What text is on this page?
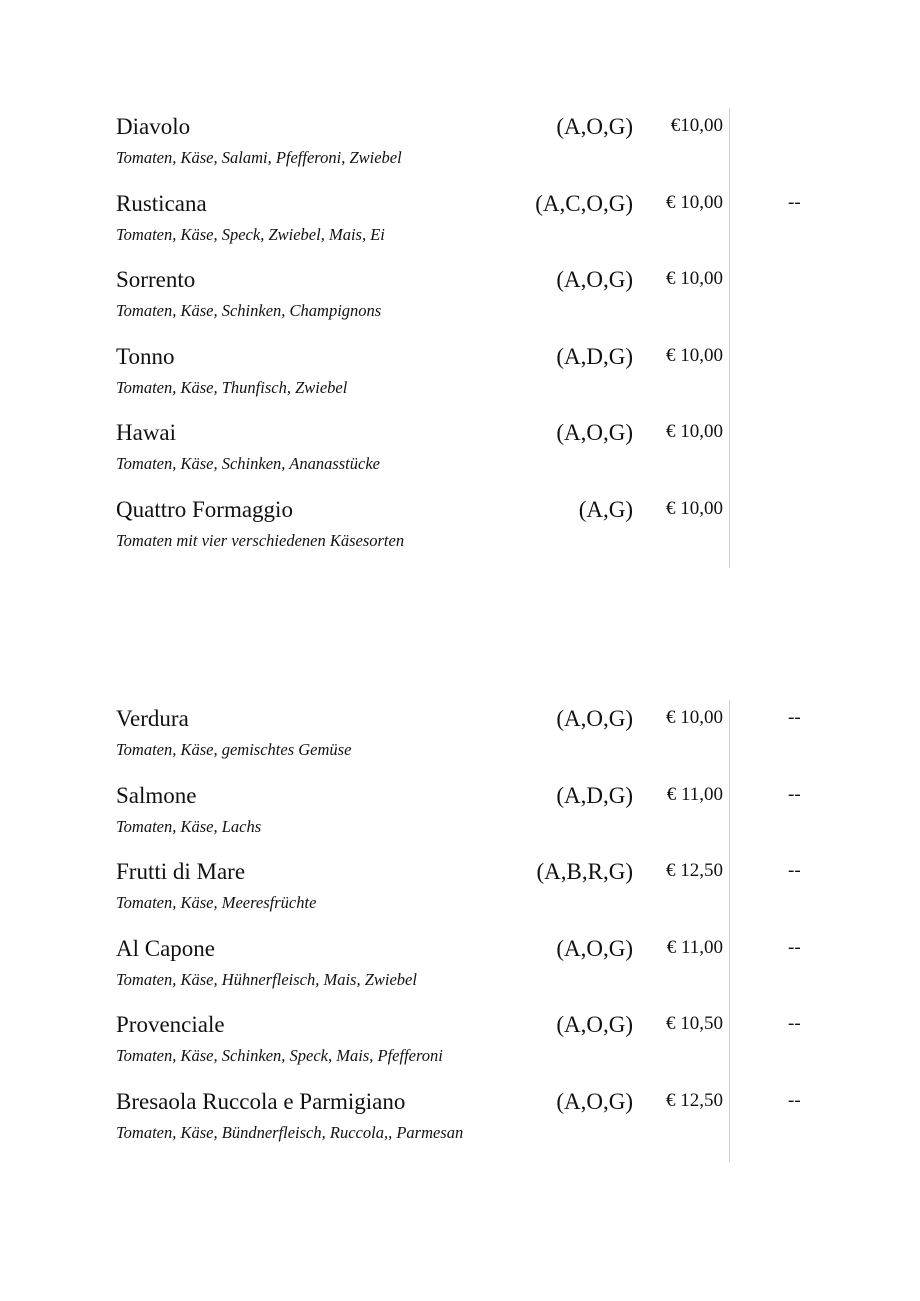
Diavolo
Tomaten, Käse, Salami, Pfefferoni, Zwiebel
(A,O,G) €10,00
Rusticana
Tomaten, Käse, Speck, Zwiebel, Mais, Ei
(A,C,O,G) € 10,00	--
Sorrento
Tomaten, Käse, Schinken, Champignons
(A,O,G) € 10,00
Tonno
Tomaten, Käse, Thunfisch, Zwiebel
(A,D,G) € 10,00
Hawai
Tomaten, Käse, Schinken, Ananasstücke
(A,O,G) € 10,00
Quattro Formaggio
Tomaten mit vier verschiedenen Käsesorten
(A,G) € 10,00
Verdura
Tomaten, Käse, gemischtes Gemüse
(A,O,G) € 10,00	--
Salmone
Tomaten, Käse, Lachs
(A,D,G) € 11,00	--
Frutti di Mare
Tomaten, Käse, Meeresfrüchte
(A,B,R,G) € 12,50	--
Al Capone
Tomaten, Käse, Hühnerfleisch, Mais, Zwiebel
(A,O,G) € 11,00	--
Provenciale
Tomaten, Käse, Schinken, Speck, Mais, Pfefferoni
(A,O,G) € 10,50	--
Bresaola Ruccola e Parmigiano
Tomaten, Käse, Bündnerfleisch, Ruccola,, Parmesan
(A,O,G) € 12,50	--
